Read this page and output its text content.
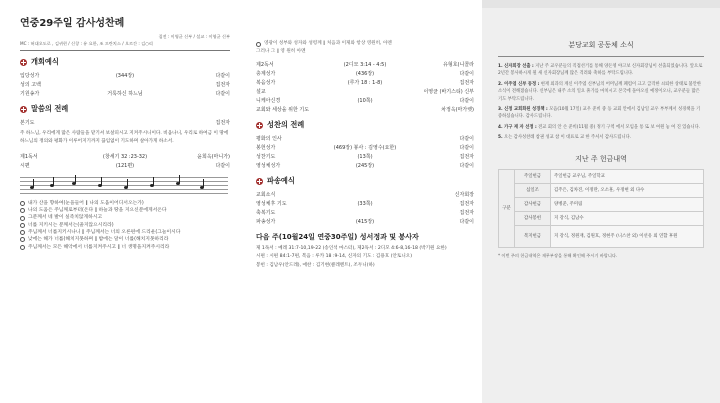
연중29주일 감사성찬례
집전 : 이영균 신부 / 설교 : 이영균 신부
MC : 허대오도로 , 김귀현 / 신창 : 유 요한, 조 프란치스 / 오르간 : 김○리
개회예식
입당성가	(344장)	다같이
성의 고백	집전자
기원송가	거룩하신 하느님	다같이
말씀의 전례
본기도	집전자
주 하느님, 우리에게 많은 사람들을 맡기셔 보살피시고 지켜주시니이다. 비옵나니, 우리로 하여금 이 땅에 하느님의 정의와 평화가 이루어지기까지 끊임없이 기도하며 살아가게 하소서.
제1독서	(창세기 32 :23-32)	윤희옥(마니가)
시편	(121편)	다같이
내가 산을 향하여(눈을들어 ∥ 나의 도움이어디서오는가)
나의 도움은 주님께로부터(온다 ∥ 하늘과 땅을 지으신분에게서온다
그분께서 네 발이 실족치않게하시고
너를 지키시는 분께서는(졸지않으시리라)
주님께서 너를지키시나니 ∥ 주님께서는 너의 오른편에 드리운(그늘이시다
낮에는 해가 너를(해치지못하며 ∥ 밤에는 달이 너를(해치지못하리라
주님께서는 모든 해악에서 너를지켜주시고 ∥ 너 생명을지켜주시리라
영광이 성부와 성자와 성령께 ∥ 처음과 이제와 항상 영원히, 아멘
그러나 그 ∥ 영 원히 아멘
제2독서	(2디모 3:14 - 4:5)	유형호(니콜라
층계성가	(436장)	다같이
복음성가	(루가 18 : 1-8)	집전자
설교	이영균 (바기스티) 신부
니케아신경	(10쪽)	다같이
교회와 세상을 위한 기도	차정옥(마가렛)
성찬의 전례
평화의 인사	다같이
봉헌성가	(469장) 봉사 : 김영수(요한)	다같이
성찬기도	(13쪽)	집전자
영성체성가	(245장)	다같이
파송예식
교회소식	신자회장
영성체후 기도	(33쪽)	집전자
축복기도	집전자
파송성가	(415장)	다같이
다음 주(10월24일 연중30주일) 성서정과 및 봉사자
제 1독서 : 예레 31:7-10,19-22 (송인석 마스터), 제2독서 : 2디모 4:6-8,16-18 (박기원 요한)
시편 : 시편 84:1-7편, 복음 : 루카 18 :9-14, 신자의 기도 : 김용호 (안토니오)
봉헌 : 김남우(안드레), 애찬 : 김기현(클레멘트), 조두니(하)
분당교회 공동체 소식
1. 신자회장 선출 : 지난 주 교우분들의 직접선거를 통해 양돈영 야고보 신자회장님이 선출되었습니다. 앞으로 2년간 봉사하시게 될 새 신자회장님께 많은 격려와 축하를 부탁드립니다.
2. 이주엽 신부 동정 : 현재 외과의 계신 이주엽 신부님의 어머님께 폐렴이 크고 급격한 쇠퇴한 상태로 불안한 소식이 전해졌습니다. 신부님은 내주 소의 일요 휴가를 마치시고 본국에 돌아오실 예정이오니, 교우분들 많은 기도 부탁드립니다.
3. 신정 교회화된 성경책 : 모음(10월 17일) 교우 준비 중 동 교회 안에서 김남일 교우 부부께서 성경책을 기증하셨습니다. 감사드립니다.
4. 가구 재 자 선정 : 전교 회의 안 손 준비(11월 중) 정기 구역 에서 모임을 통 또 보 여원 놓 여 진 있습니다.
5. 오는 감사성찬례 참권 성교 참 이 대표로 교 한 주셔서 감사드립니다.
지난 주 헌금내역
구분	주일헌금	주일헌금 교우님, 주일학교
	십일조	김주은, 김차진, 이정란, 오소훈, 우정현 외 다수
	감사헌금	양병준, 주미림
	감사봉헌	지 강식, 김남수
	복지헌금	지 강식, 정원재, 김원호, 정현주 (니스찬 외) 이선유 외 연합 후원
* 이번 주의 헌금내역은 재무부장을 통해 확인해 주시기 바랍니다.
